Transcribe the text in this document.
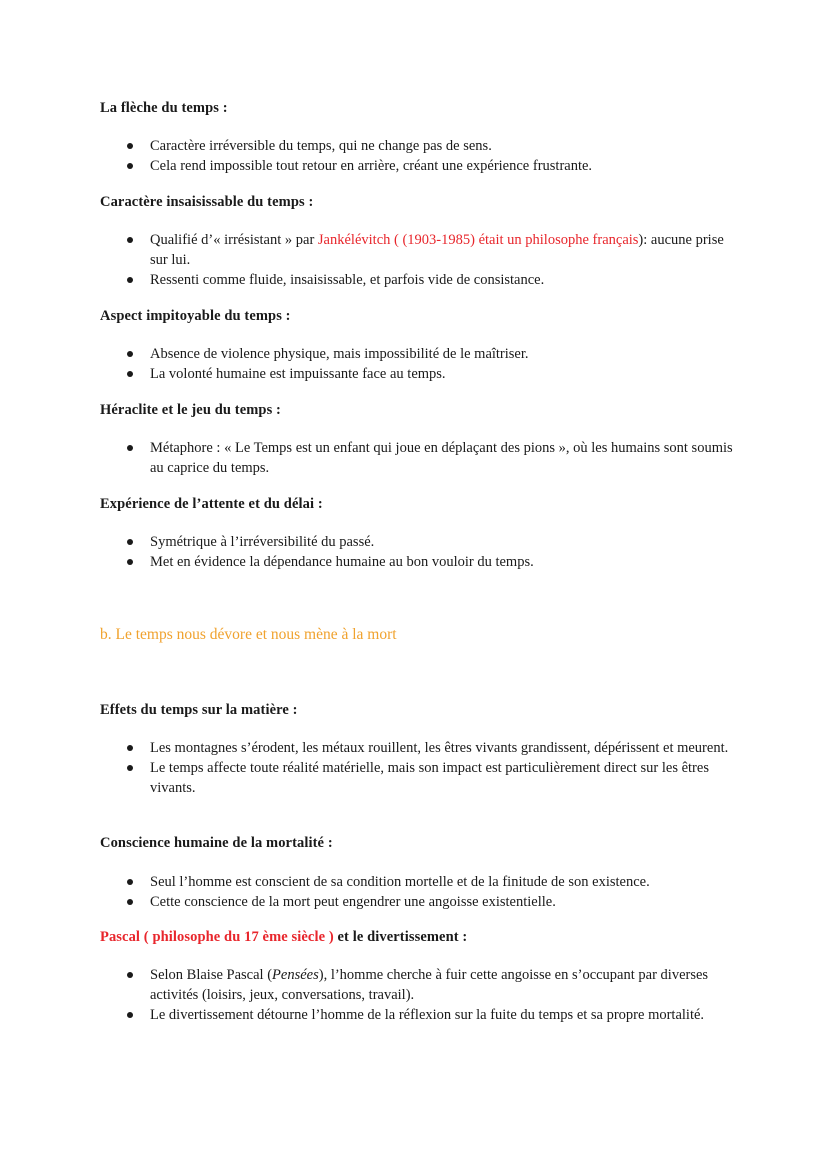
La flèche du temps :
Caractère irréversible du temps, qui ne change pas de sens.
Cela rend impossible tout retour en arrière, créant une expérience frustrante.
Caractère insaisissable du temps :
Qualifié d’« irrésistant » par Jankélévitch ( (1903-1985) était un philosophe français): aucune prise sur lui.
Ressenti comme fluide, insaisissable, et parfois vide de consistance.
Aspect impitoyable du temps :
Absence de violence physique, mais impossibilité de le maîtriser.
La volonté humaine est impuissante face au temps.
Héraclite et le jeu du temps :
Métaphore : « Le Temps est un enfant qui joue en déplaçant des pions », où les humains sont soumis au caprice du temps.
Expérience de l’attente et du délai :
Symétrique à l’irréversibilité du passé.
Met en évidence la dépendance humaine au bon vouloir du temps.
b. Le temps nous dévore et nous mène à la mort
Effets du temps sur la matière :
Les montagnes s’érodent, les métaux rouillent, les êtres vivants grandissent, dépérissent et meurent.
Le temps affecte toute réalité matérielle, mais son impact est particulièrement direct sur les êtres vivants.
Conscience humaine de la mortalité :
Seul l’homme est conscient de sa condition mortelle et de la finitude de son existence.
Cette conscience de la mort peut engendrer une angoisse existentielle.
Pascal ( philosophe du 17 ème siècle ) et le divertissement :
Selon Blaise Pascal (Pensées), l’homme cherche à fuir cette angoisse en s’occupant par diverses activités (loisirs, jeux, conversations, travail).
Le divertissement détourne l’homme de la réflexion sur la fuite du temps et sa propre mortalité.
